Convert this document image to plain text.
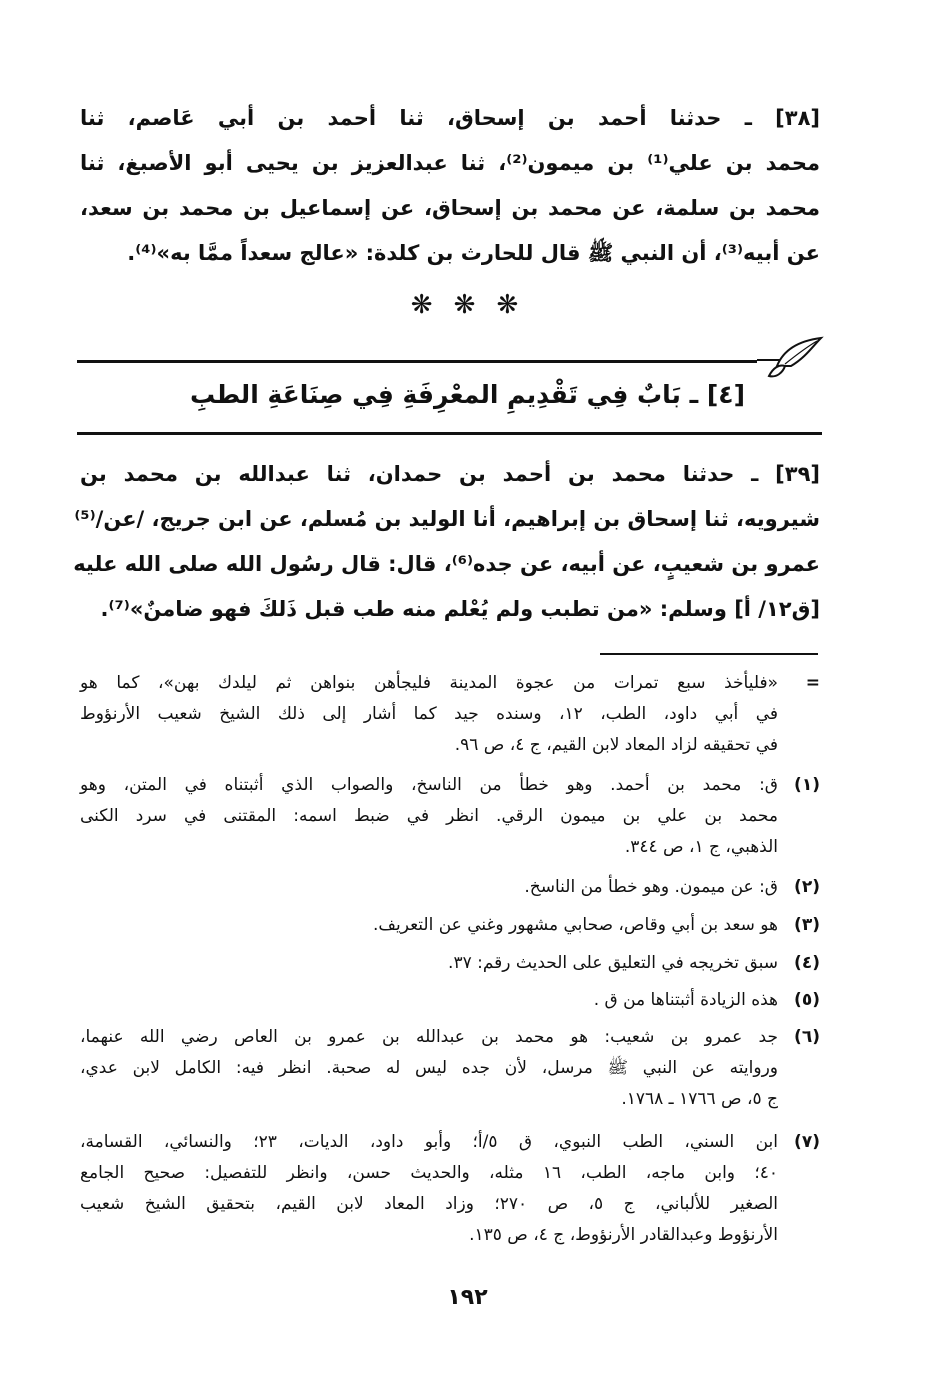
[٣٨] ـ حدثنا أحمد بن إسحاق، ثنا أحمد بن أبي عَاصم، ثنا
محمد بن علي⁽¹⁾ بن ميمون⁽²⁾، ثنا عبدالعزيز بن يحيى أبو الأصبغ، ثنا
محمد بن سلمة، عن محمد بن إسحاق، عن إسماعيل بن محمد بن سعد،
عن أبيه⁽³⁾، أن النبي ﷺ قال للحارث بن كلدة: «عالج سعداً ممَّا به»⁽⁴⁾.
❋ ❋ ❋
[٤] ـ بَابٌ فِي تَقْدِيمِ المعْرِفَةِ فِي صِنَاعَةِ الطبِ
[٣٩] ـ حدثنا محمد بن أحمد بن حمدان، ثنا عبدالله بن محمد بن
شيرويه، ثنا إسحاق بن إبراهيم، أنا الوليد بن مُسلم، عن ابن جريج، /عن/⁽⁵⁾
عمرو بن شعيبٍ، عن أبيه، عن جده⁽⁶⁾، قال: قال رسُول الله صلى الله عليه
[ق١٢/ أ] وسلم: «من تطبب ولم يُعْلم منه طب قبل ذَلكَ فهو ضامنٌ»⁽⁷⁾.
=
«فليأخذ سبع تمرات من عجوة المدينة فليجأهن بنواهن ثم ليلدك بهن»، كما هو
في أبي داود، الطب، ١٢، وسنده جيد كما أشار إلى ذلك الشيخ شعيب الأرنؤوط
في تحقيقه لزاد المعاد لابن القيم، ج ٤، ص ٩٦.
(١)
ق: محمد بن أحمد. وهو خطأ من الناسخ، والصواب الذي أثبتناه في المتن، وهو
محمد بن علي بن ميمون الرقي. انظر في ضبط اسمه: المقتنى في سرد الكنى
الذهبي، ج ١، ص ٣٤٤.
(٢)
ق: عن ميمون. وهو خطأ من الناسخ.
(٣)
هو سعد بن أبي وقاص، صحابي مشهور وغني عن التعريف.
(٤)
سبق تخريجه في التعليق على الحديث رقم: ٣٧.
(٥)
هذه الزيادة أثبتناها من ق .
(٦)
جد عمرو بن شعيب: هو محمد بن عبدالله بن عمرو بن العاص رضي الله عنهما،
وروايته عن النبي ﷺ مرسل، لأن جده ليس له صحبة. انظر فيه: الكامل لابن عدي،
ج ٥، ص ١٧٦٦ ـ ١٧٦٨.
(٧)
ابن السني، الطب النبوي، ق ٥/أ؛ وأبو داود، الديات، ٢٣؛ والنسائي، القسامة،
٤٠؛ وابن ماجه، الطب، ١٦ مثله، والحديث حسن، وانظر للتفصيل: صحيح الجامع
الصغير للألباني، ج ٥، ص ٢٧٠؛ وزاد المعاد لابن القيم، بتحقيق الشيخ شعيب
الأرنؤوط وعبدالقادر الأرنؤوط، ج ٤، ص ١٣٥.
١٩٢
